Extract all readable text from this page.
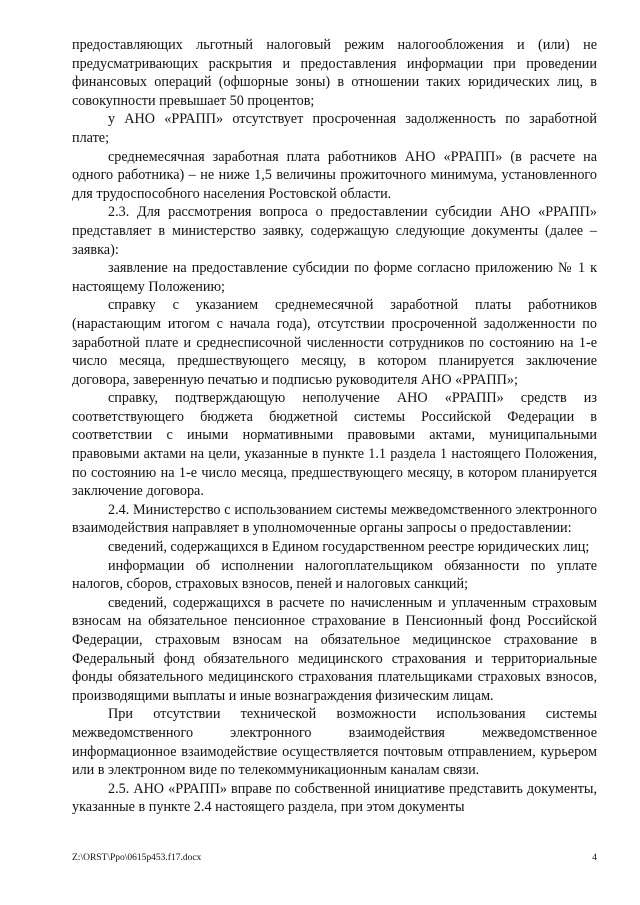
предоставляющих льготный налоговый режим налогообложения и (или) не предусматривающих раскрытия и предоставления информации при проведении финансовых операций (офшорные зоны) в отношении таких юридических лиц, в совокупности превышает 50 процентов;

у АНО «РРАПП» отсутствует просроченная задолженность по заработной плате;

среднемесячная заработная плата работников АНО «РРАПП» (в расчете на одного работника) – не ниже 1,5 величины прожиточного минимума, установленного для трудоспособного населения Ростовской области.

2.3. Для рассмотрения вопроса о предоставлении субсидии АНО «РРАПП» представляет в министерство заявку, содержащую следующие документы (далее – заявка):

заявление на предоставление субсидии по форме согласно приложению № 1 к настоящему Положению;

справку с указанием среднемесячной заработной платы работников (нарастающим итогом с начала года), отсутствии просроченной задолженности по заработной плате и среднесписочной численности сотрудников по состоянию на 1-е число месяца, предшествующего месяцу, в котором планируется заключение договора, заверенную печатью и подписью руководителя АНО «РРАПП»;

справку, подтверждающую неполучение АНО «РРАПП» средств из соответствующего бюджета бюджетной системы Российской Федерации в соответствии с иными нормативными правовыми актами, муниципальными правовыми актами на цели, указанные в пункте 1.1 раздела 1 настоящего Положения, по состоянию на 1-е число месяца, предшествующего месяцу, в котором планируется заключение договора.

2.4. Министерство с использованием системы межведомственного электронного взаимодействия направляет в уполномоченные органы запросы о предоставлении:

сведений, содержащихся в Едином государственном реестре юридических лиц;

информации об исполнении налогоплательщиком обязанности по уплате налогов, сборов, страховых взносов, пеней и налоговых санкций;

сведений, содержащихся в расчете по начисленным и уплаченным страховым взносам на обязательное пенсионное страхование в Пенсионный фонд Российской Федерации, страховым взносам на обязательное медицинское страхование в Федеральный фонд обязательного медицинского страхования и территориальные фонды обязательного медицинского страхования плательщиками страховых взносов, производящими выплаты и иные вознаграждения физическим лицам.

При отсутствии технической возможности использования системы межведомственного электронного взаимодействия межведомственное информационное взаимодействие осуществляется почтовым отправлением, курьером или в электронном виде по телекоммуникационным каналам связи.

2.5. АНО «РРАПП» вправе по собственной инициативе представить документы, указанные в пункте 2.4 настоящего раздела, при этом документы

Z:\ORST\Ppo\0615p453.f17.docx	4
